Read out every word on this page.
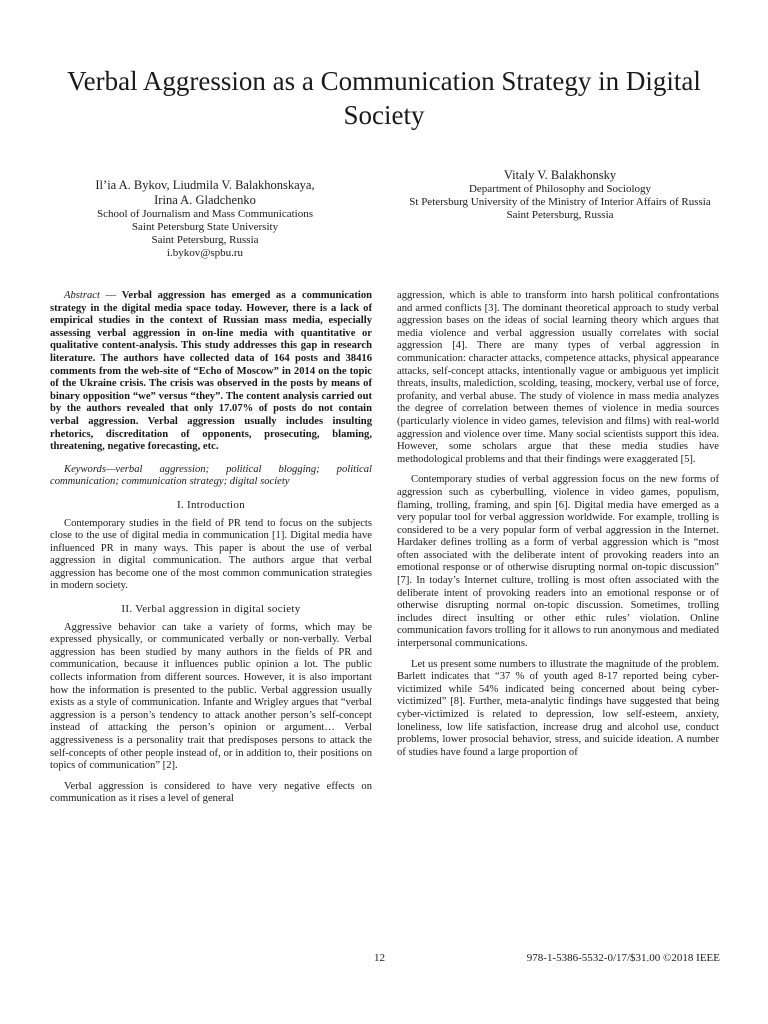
Verbal Aggression as a Communication Strategy in Digital Society
Il’ia A. Bykov, Liudmila V. Balakhonskaya,
Irina A. Gladchenko
School of Journalism and Mass Communications
Saint Petersburg State University
Saint Petersburg, Russia
i.bykov@spbu.ru
Vitaly V. Balakhonsky
Department of Philosophy and Sociology
St Petersburg University of the Ministry of Interior Affairs of Russia
Saint Petersburg, Russia

Abstract — Verbal aggression has emerged as a communication strategy in the digital media space today. However, there is a lack of empirical studies in the context of Russian mass media, especially assessing verbal aggression in on-line media with quantitative or qualitative content-analysis. This study addresses this gap in research literature. The authors have collected data of 164 posts and 38416 comments from the web-site of “Echo of Moscow” in 2014 on the topic of the Ukraine crisis. The crisis was observed in the posts by means of binary opposition “we” versus “they”. The content analysis carried out by the authors revealed that only 17.07% of posts do not contain verbal aggression. Verbal aggression usually includes insulting rhetorics, discreditation of opponents, prosecuting, blaming, threatening, negative forecasting, etc.

Keywords—verbal aggression; political blogging; political communication; communication strategy; digital society

I. Introduction

Contemporary studies in the field of PR tend to focus on the subjects close to the use of digital media in communication [1]. Digital media have influenced PR in many ways. This paper is about the use of verbal aggression in digital communication. The authors argue that verbal aggression has become one of the most common communication strategies in modern society.

II. Verbal aggression in digital society

Aggressive behavior can take a variety of forms, which may be expressed physically, or communicated verbally or non-verbally. Verbal aggression has been studied by many authors in the fields of PR and communication, because it influences public opinion a lot. The public collects information from different sources. However, it is also important how the information is presented to the public. Verbal aggression usually exists as a style of communication. Infante and Wrigley argues that “verbal aggression is a person’s tendency to attack another person’s self-concept instead of attacking the person’s opinion or argument… Verbal aggressiveness is a personality trait that predisposes persons to attack the self-concepts of other people instead of, or in addition to, their positions on topics of communication” [2].

Verbal aggression is considered to have very negative effects on communication as it rises a level of general

aggression, which is able to transform into harsh political confrontations and armed conflicts [3]. The dominant theoretical approach to study verbal aggression bases on the ideas of social learning theory which argues that media violence and verbal aggression usually correlates with social aggression [4]. There are many types of verbal aggression in communication: character attacks, competence attacks, physical appearance attacks, self-concept attacks, intentionally vague or ambiguous yet implicit threats, insults, malediction, scolding, teasing, mockery, verbal use of force, profanity, and verbal abuse. The study of violence in mass media analyzes the degree of correlation between themes of violence in media sources (particularly violence in video games, television and films) with real-world aggression and violence over time. Many social scientists support this idea. However, some scholars argue that these media studies have methodological problems and that their findings were exaggerated [5].

Contemporary studies of verbal aggression focus on the new forms of aggression such as cyberbulling, violence in video games, populism, flaming, trolling, framing, and spin [6]. Digital media have emerged as a very popular tool for verbal aggression worldwide. For example, trolling is considered to be a very popular form of verbal aggression in the Internet. Hardaker defines trolling as a form of verbal aggression which is “most often associated with the deliberate intent of provoking readers into an emotional response or of otherwise disrupting normal on-topic discussion” [7]. In today’s Internet culture, trolling is most often associated with the deliberate intent of provoking readers into an emotional response or of otherwise disrupting normal on-topic discussion. Sometimes, trolling includes direct insulting or other ethic rules’ violation. Online communication favors trolling for it allows to run anonymous and mediated interpersonal communications.

Let us present some numbers to illustrate the magnitude of the problem. Barlett indicates that “37 % of youth aged 8-17 reported being cyber-victimized while 54% indicated being concerned about being cyber-victimized” [8]. Further, meta-analytic findings have suggested that being cyber-victimized is related to depression, low self-esteem, anxiety, loneliness, low life satisfaction, increase drug and alcohol use, conduct problems, lower prosocial behavior, stress, and suicide ideation. A number of studies have found a large proportion of

12	978-1-5386-5532-0/17/$31.00 ©2018 IEEE
